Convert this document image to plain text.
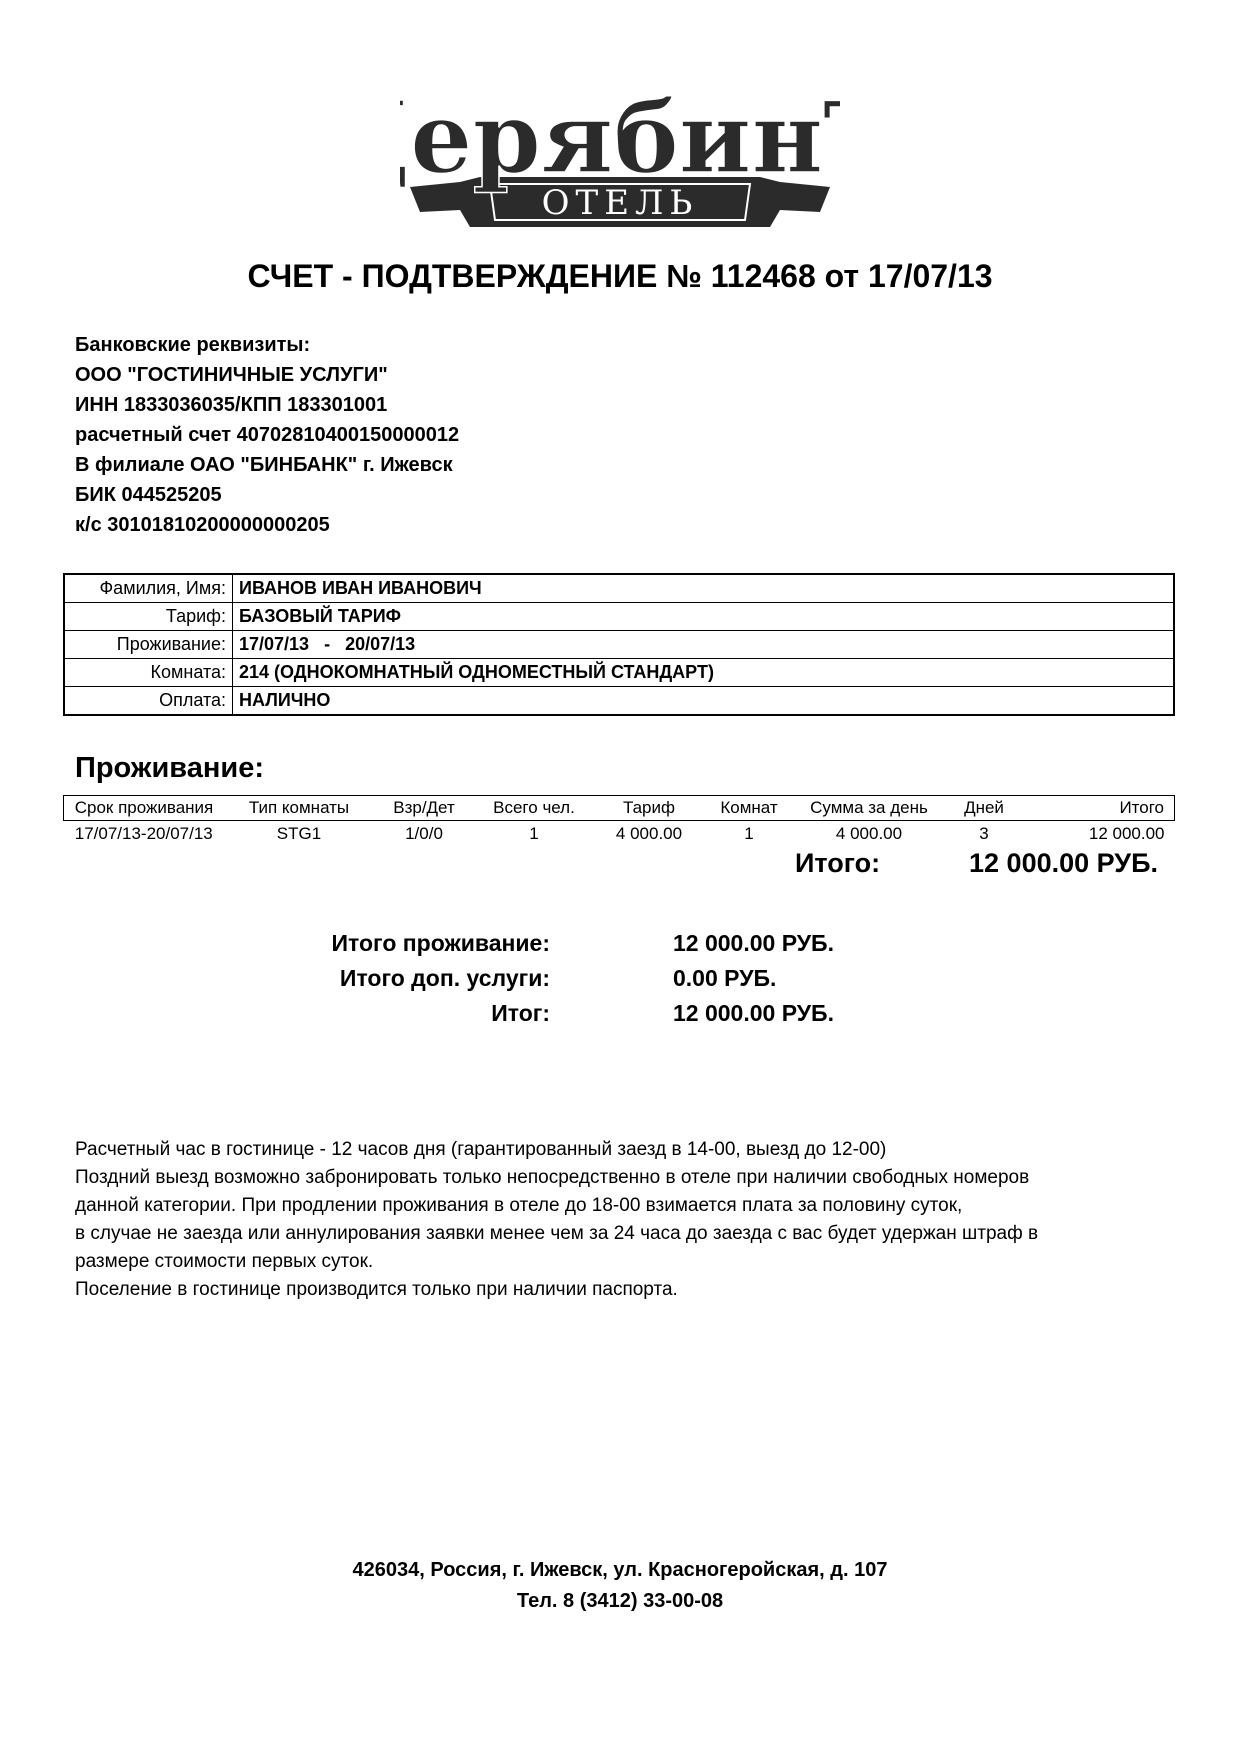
ерябин
ОТЕЛЬ
СЧЕТ - ПОДТВЕРЖДЕНИЕ № 112468 от 17/07/13
Банковские реквизиты:
ООО "ГОСТИНИЧНЫЕ УСЛУГИ"
ИНН 1833036035/КПП 183301001
расчетный счет 40702810400150000012
В филиале ОАО "БИНБАНК" г. Ижевск
БИК 044525205
к/с 30101810200000000205
Фамилия, Имя:	ИВАНОВ ИВАН ИВАНОВИЧ
Тариф:	БАЗОВЫЙ ТАРИФ
Проживание:	17/07/13   -   20/07/13
Комната:	214 (ОДНОКОМНАТНЫЙ ОДНОМЕСТНЫЙ СТАНДАРТ)
Оплата:	НАЛИЧНО
Проживание:
Срок проживания	Тип комнаты	Взр/Дет	Всего чел.	Тариф	Комнат	Сумма за день	Дней	Итого
17/07/13-20/07/13	STG1	1/0/0	1	4 000.00	1	4 000.00	3	12 000.00
Итого:	12 000.00 РУБ.
Итого проживание:	12 000.00 РУБ.
Итого доп. услуги:	0.00 РУБ.
Итог:	12 000.00 РУБ.
Расчетный час в гостинице - 12 часов дня (гарантированный заезд в 14-00, выезд до 12-00)
Поздний выезд возможно забронировать только непосредственно в отеле при наличии свободных номеров
данной категории. При продлении проживания в отеле до 18-00 взимается плата за половину суток,
в случае не заезда или аннулирования заявки менее чем за 24 часа до заезда с вас будет удержан штраф в
размере стоимости первых суток.
Поселение в гостинице производится только при наличии паспорта.
426034, Россия, г. Ижевск, ул. Красногеройская, д. 107
Тел. 8 (3412) 33-00-08
